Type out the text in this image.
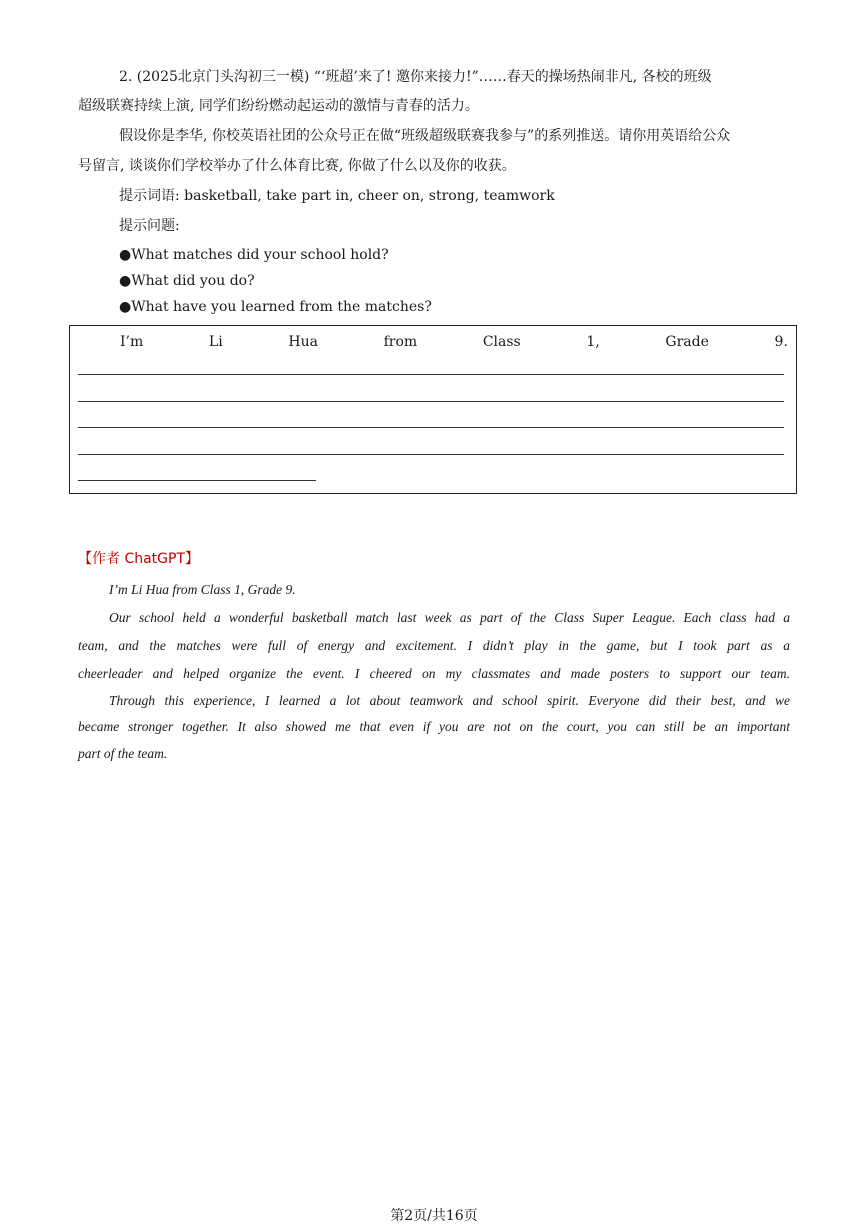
2. (2025北京门头沟初三一模) “‘班超’来了! 邀你来接力!”……春天的操场热闹非凡, 各校的班级
超级联赛持续上演, 同学们纷纷燃动起运动的激情与青春的活力。
假设你是李华, 你校英语社团的公众号正在做“班级超级联赛我参与”的系列推送。请你用英语给公众
号留言, 谈谈你们学校举办了什么体育比赛, 你做了什么以及你的收获。
提示词语: basketball, take part in, cheer on, strong, teamwork
提示问题:
●What matches did your school hold?
●What did you do?
●What have you learned from the matches?
I’m	Li	Hua	from	Class	1,	Grade	9.
【作者 ChatGPT】
I’m Li Hua from Class 1, Grade 9.
Our school held a wonderful basketball match last week as part of the Class Super League. Each class had a
team, and the matches were full of energy and excitement. I didn’t play in the game, but I took part as a
cheerleader and helped organize the event. I cheered on my classmates and made posters to support our team.
Through this experience, I learned a lot about teamwork and school spirit. Everyone did their best, and we
became stronger together. It also showed me that even if you are not on the court, you can still be an important
part of the team.
第2页/共16页
